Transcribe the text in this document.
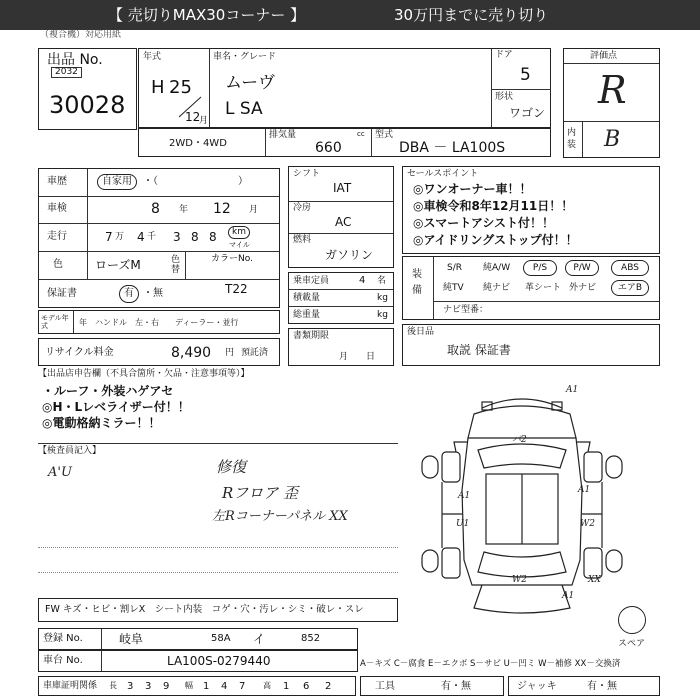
【 売切りMAX30コーナー 】	30万円までに売り切り
（複合機）対応用紙
出品 No.
2032
30028
年式
H 25
12
月
車名・グレード
ムーヴ
L SA
ドア
5
形状
ワゴン
評価点
R
内装 B
2WD・4WD
排気量
660
cc 型式
DBA － LA100S
車歴	自家用	・（　　　　　　　　）
車検	8 年 12 月
走行	7 万 4 千 3 8 8	km
マイル
色	ローズM	色替
カラーNo.
保証書	有 ・無	T22
モデル年式	年　ハンドル　左・右　　ディーラー・並行
リサイクル料金	8,490 円 預託済
シフト
IAT
冷房
AC
燃料
ガソリン
乗車定員	4 名
積載量	kg
総重量	kg
書類期限
月　　日
セールスポイント
◎ワンオーナー車！！
◎車検令和8年12月11日！！
◎スマートアシスト付！！
◎アイドリングストップ付！！
装備
S/R 純A/W	P/S	P/W	ABS
純TV 純ナビ 革シート 外ナビ	エアB
ナビ型番：
後日品
取説 保証書
【出品店申告欄（不具合箇所・欠品・注意事項等）】
・ルーフ・外装ハゲアセ
◎H・Lレベライザー付！！
◎電動格納ミラー！！
【検査員記入】
A'U	修復
Rフロア 歪
左Rコーナーパネル XX
A1
バ2
A1
U1
A1
W2
W2	XX
A1
スペア
FW キズ・ヒビ・割レX　シート内装　コゲ・穴・汚レ・シミ・破レ・スレ
登録 No.	岐阜	58A イ	852
車台 No.	LA100S-0279440	A－キズ C－腐食 E－エクボ S－サビ U－凹ミ W－補修 XX－交換済
車庫証明関係 長 3 3 9 幅 1 4 7 高 1 6 2	工具	有・無	ジャッキ	有・無
